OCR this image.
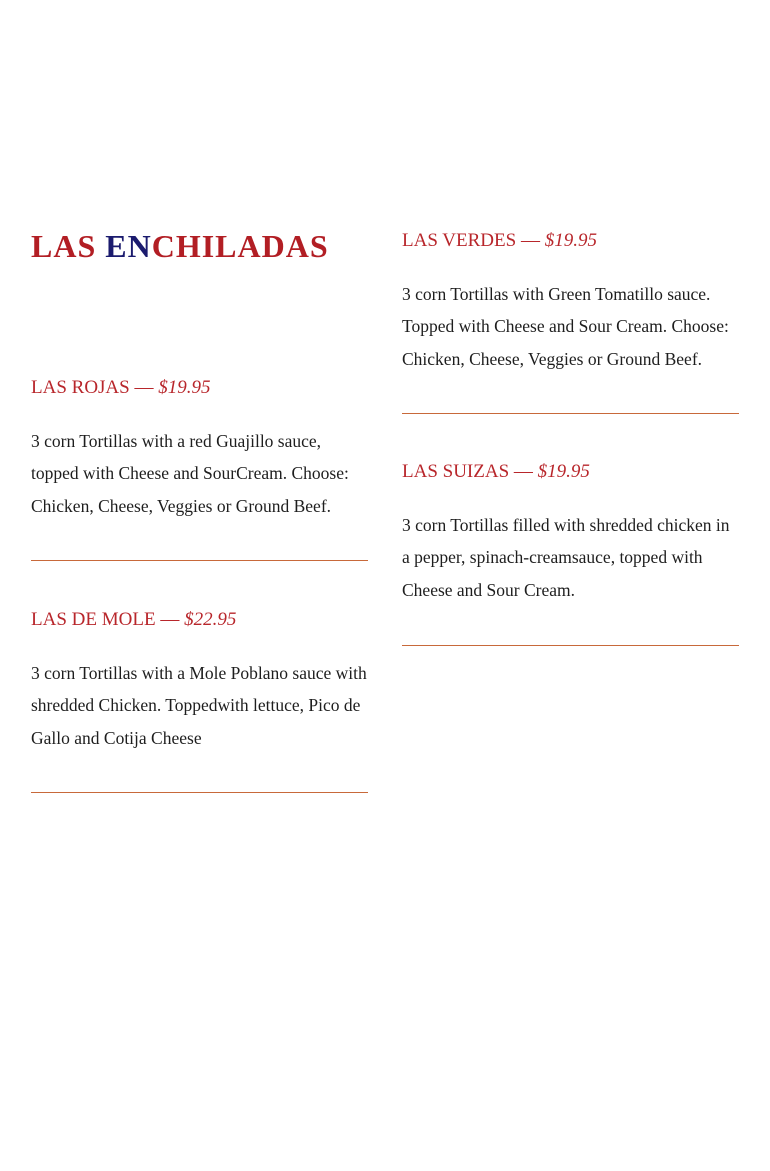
LAS ENCHILADAS
LAS ROJAS — $19.95
3 corn Tortillas with a red Guajillo sauce, topped with Cheese and SourCream. Choose: Chicken, Cheese, Veggies or Ground Beef.
LAS DE MOLE — $22.95
3 corn Tortillas with a Mole Poblano sauce with shredded Chicken. Toppedwith lettuce, Pico de Gallo and Cotija Cheese
LAS VERDES — $19.95
3 corn Tortillas with Green Tomatillo sauce. Topped with Cheese and Sour Cream. Choose: Chicken, Cheese, Veggies or Ground Beef.
LAS SUIZAS — $19.95
3 corn Tortillas filled with shredded chicken in a pepper, spinach-creamsauce, topped with Cheese and Sour Cream.
